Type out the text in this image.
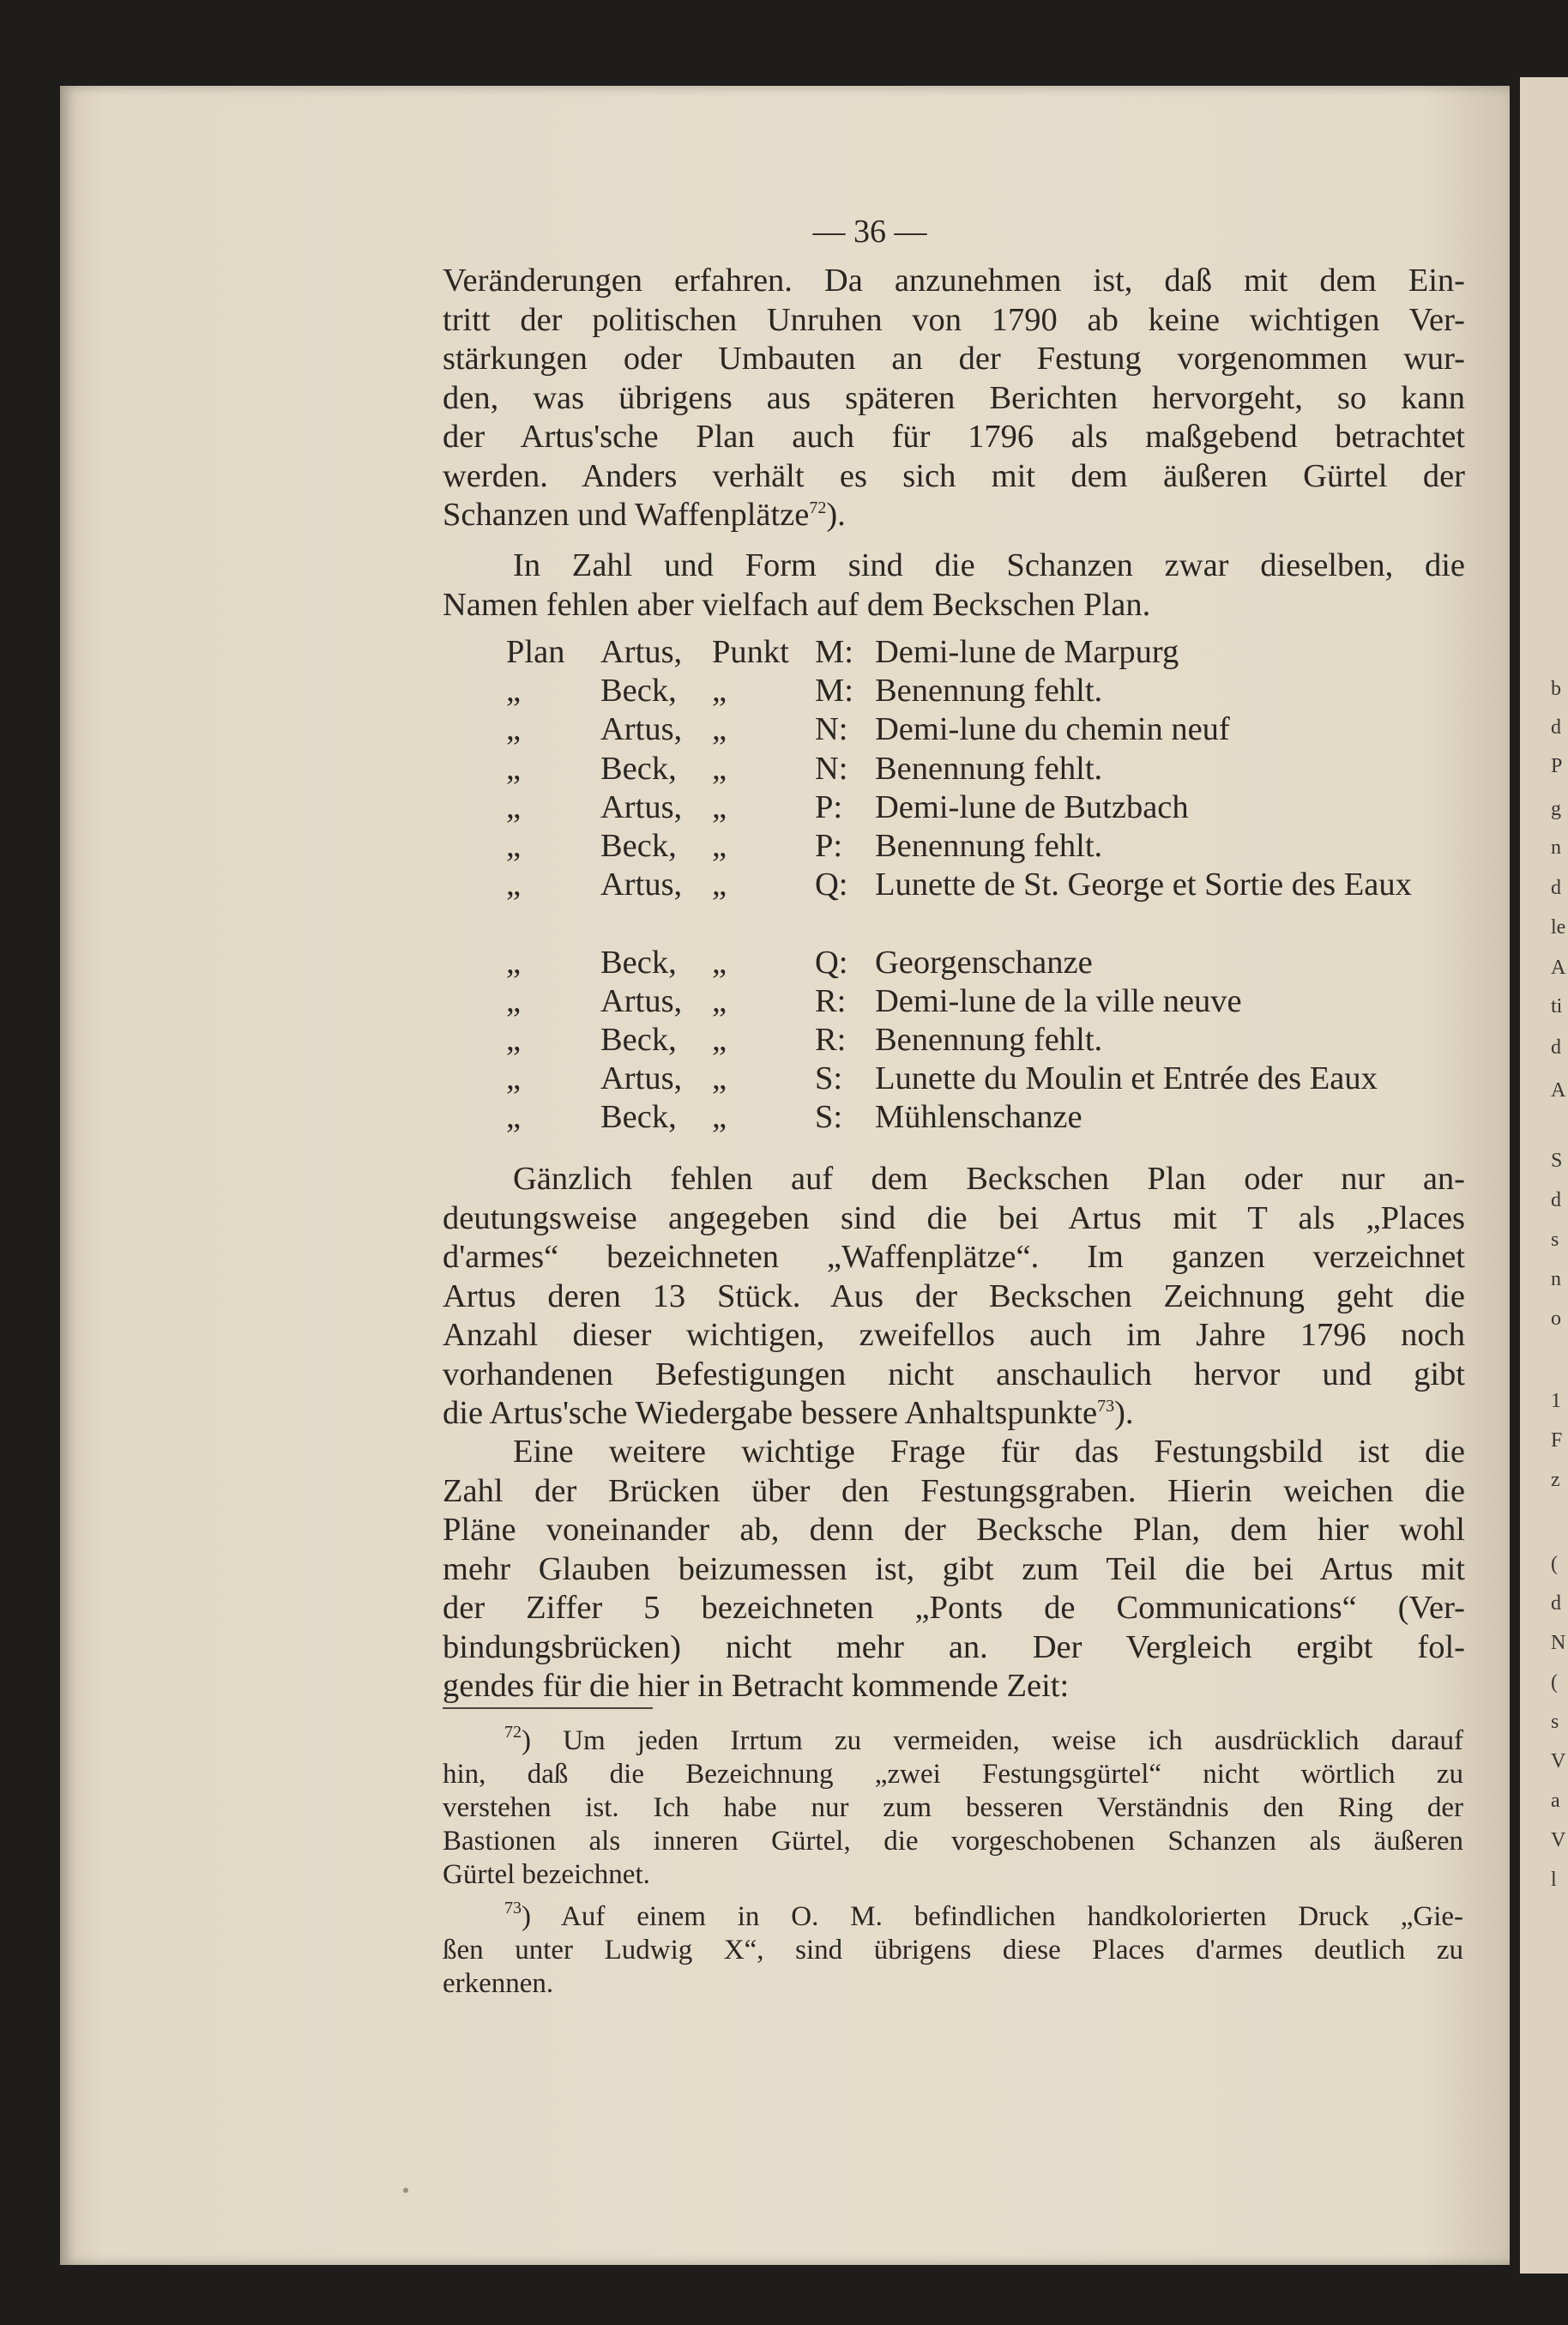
— 36 —
Veränderungen erfahren. Da anzunehmen ist, daß mit dem Ein-
tritt der politischen Unruhen von 1790 ab keine wichtigen Ver-
stärkungen oder Umbauten an der Festung vorgenommen wur-
den, was übrigens aus späteren Berichten hervorgeht, so kann
der Artus'sche Plan auch für 1796 als maßgebend betrachtet
werden. Anders verhält es sich mit dem äußeren Gürtel der
Schanzen und Waffenplätze$^{72}$).
In Zahl und Form sind die Schanzen zwar dieselben, die
Namen fehlen aber vielfach auf dem Beckschen Plan.
Plan Artus, Punkt M: Demi-lune de Marpurg
„ Beck, „	M: Benennung fehlt.
„ Artus, „	N: Demi-lune du chemin neuf
„ Beck, „	N: Benennung fehlt.
„ Artus, „	P: Demi-lune de Butzbach
„ Beck, „	P: Benennung fehlt.
„ Artus, „	Q: Lunette de St. George et Sortie des Eaux
„ Beck, „	Q: Georgenschanze
„ Artus, „	R: Demi-lune de la ville neuve
„ Beck, „	R: Benennung fehlt.
„ Artus, „	S: Lunette du Moulin et Entrée des Eaux
„ Beck, „	S: Mühlenschanze
Gänzlich fehlen auf dem Beckschen Plan oder nur an-
deutungsweise angegeben sind die bei Artus mit T als „Places
d'armes“ bezeichneten „Waffenplätze“. Im ganzen verzeichnet
Artus deren 13 Stück. Aus der Beckschen Zeichnung geht die
Anzahl dieser wichtigen, zweifellos auch im Jahre 1796 noch
vorhandenen Befestigungen nicht anschaulich hervor und gibt
die Artus'sche Wiedergabe bessere Anhaltspunkte$^{73}$).
Eine weitere wichtige Frage für das Festungsbild ist die
Zahl der Brücken über den Festungsgraben. Hierin weichen die
Pläne voneinander ab, denn der Becksche Plan, dem hier wohl
mehr Glauben beizumessen ist, gibt zum Teil die bei Artus mit
der Ziffer 5 bezeichneten „Ponts de Communications“ (Ver-
bindungsbrücken) nicht mehr an. Der Vergleich ergibt fol-
gendes für die hier in Betracht kommende Zeit:
$^{72}$) Um jeden Irrtum zu vermeiden, weise ich ausdrücklich darauf
hin, daß die Bezeichnung „zwei Festungsgürtel“ nicht wörtlich zu
verstehen ist. Ich habe nur zum besseren Verständnis den Ring der
Bastionen als inneren Gürtel, die vorgeschobenen Schanzen als äußeren
Gürtel bezeichnet.
$^{73}$) Auf einem in O. M. befindlichen handkolorierten Druck „Gie-
ßen unter Ludwig X“, sind übrigens diese Places d'armes deutlich zu
erkennen.
b
d
P
g
n
d
le
A
ti
d
A
S
d
s
n
o
1
F
z
(
d
N
(
s
V
a
V
l
